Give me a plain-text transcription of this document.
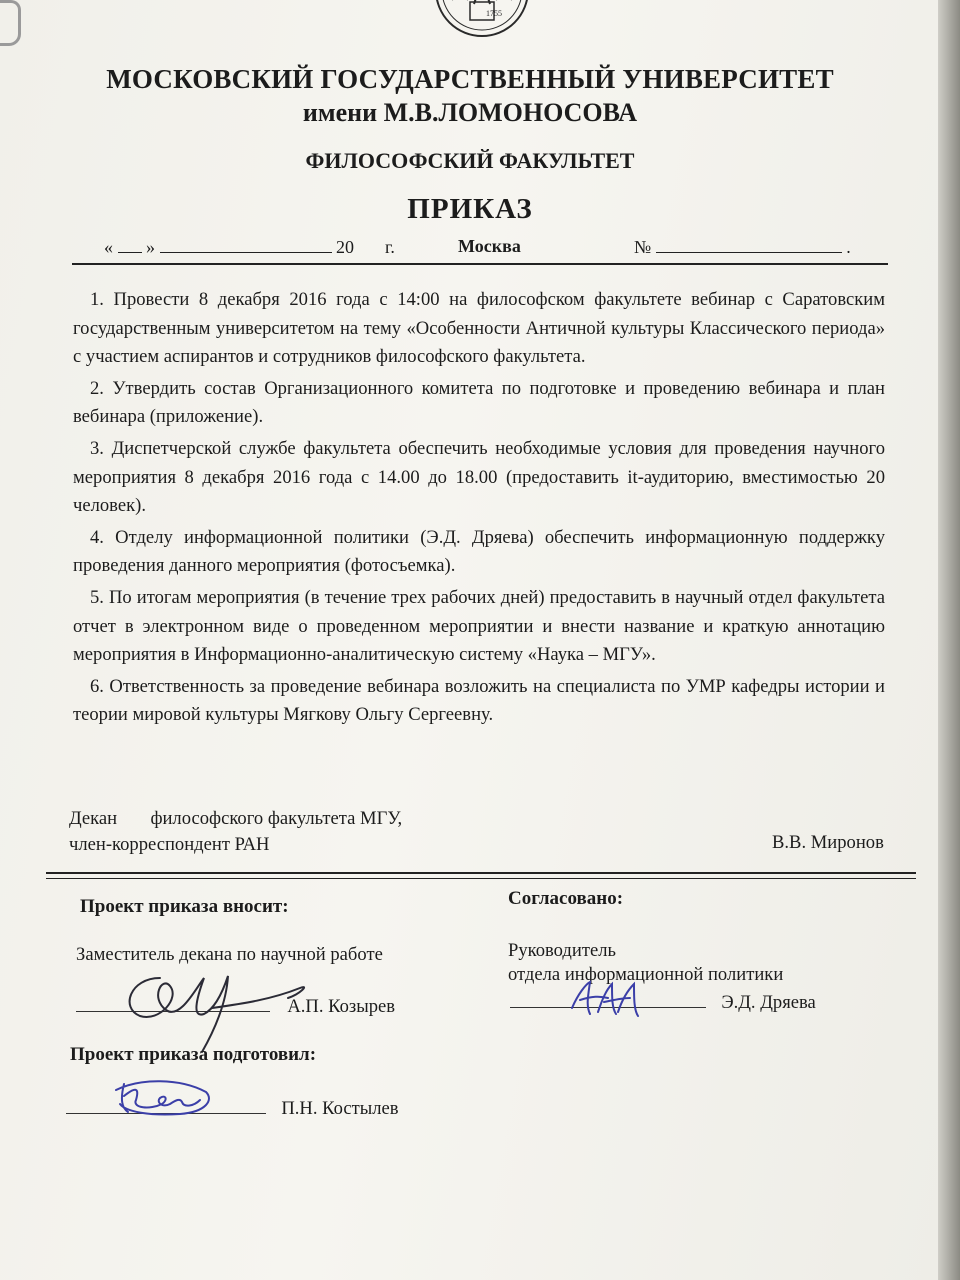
1755
МОСКОВСКИЙ ГОСУДАРСТВЕННЫЙ УНИВЕРСИТЕТ
имени М.В.ЛОМОНОСОВА
ФИЛОСОФСКИЙ ФАКУЛЬТЕТ
ПРИКАЗ
« »	20 г.	Москва	№	.

1. Провести 8 декабря 2016 года с 14:00 на философском факультете вебинар с Саратовским государственным университетом на тему «Особенности Античной культуры Классического периода» с участием аспирантов и сотрудников философского факультета.

2. Утвердить состав Организационного комитета по подготовке и проведению вебинара и план вебинара (приложение).

3. Диспетчерской службе факультета обеспечить необходимые условия для проведения научного мероприятия 8 декабря 2016 года с 14.00 до 18.00 (предоставить it-аудиторию, вместимостью 20 человек).

4. Отделу информационной политики (Э.Д. Дряева) обеспечить информационную поддержку проведения данного мероприятия (фотосъемка).

5. По итогам мероприятия (в течение трех рабочих дней) предоставить в научный отдел факультета отчет в электронном виде о проведенном мероприятии и внести название и краткую аннотацию мероприятия в Информационно-аналитическую систему «Наука – МГУ».

6. Ответственность за проведение вебинара возложить на специалиста по УМР кафедры истории и теории мировой культуры Мягкову Ольгу Сергеевну.

Декан философского факультета МГУ,
член-корреспондент РАН	В.В. Миронов
Проект приказа вносит:
Заместитель декана по научной работе
А.П. Козырев
Проект приказа подготовил:
П.Н. Костылев
Согласовано:
Руководитель
отдела информационной политики
Э.Д. Дряева
